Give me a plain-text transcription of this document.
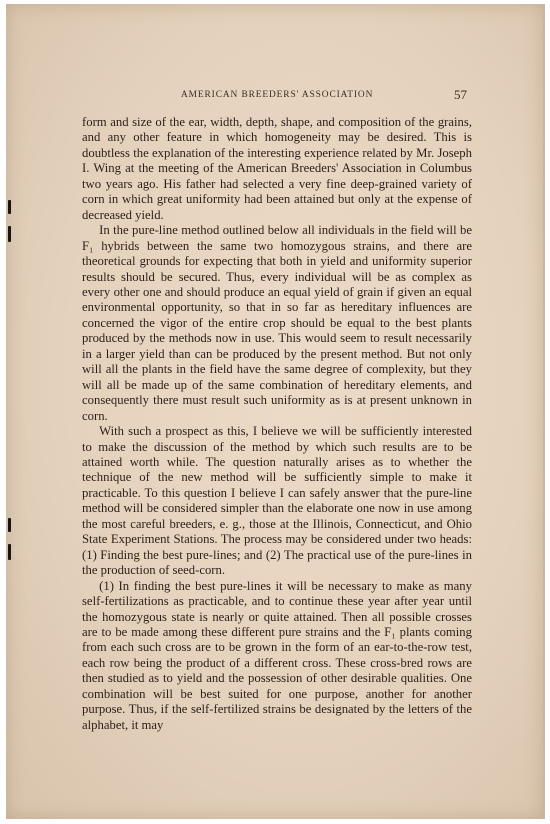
AMERICAN BREEDERS' ASSOCIATION	57

form and size of the ear, width, depth, shape, and composition of the grains, and any other feature in which homogeneity may be desired. This is doubtless the explanation of the interesting experience related by Mr. Joseph I. Wing at the meeting of the American Breeders' Association in Columbus two years ago. His father had selected a very fine deep-grained variety of corn in which great uniformity had been attained but only at the expense of decreased yield.

In the pure-line method outlined below all individuals in the field will be F₁ hybrids between the same two homozygous strains, and there are theoretical grounds for expecting that both in yield and uniformity superior results should be secured. Thus, every individual will be as complex as every other one and should produce an equal yield of grain if given an equal environmental opportunity, so that in so far as hereditary influences are concerned the vigor of the entire crop should be equal to the best plants produced by the methods now in use. This would seem to result necessarily in a larger yield than can be produced by the present method. But not only will all the plants in the field have the same degree of complexity, but they will all be made up of the same combination of hereditary elements, and consequently there must result such uniformity as is at present unknown in corn.

With such a prospect as this, I believe we will be sufficiently interested to make the discussion of the method by which such results are to be attained worth while. The question naturally arises as to whether the technique of the new method will be sufficiently simple to make it practicable. To this question I believe I can safely answer that the pure-line method will be considered simpler than the elaborate one now in use among the most careful breeders, e. g., those at the Illinois, Connecticut, and Ohio State Experiment Stations. The process may be considered under two heads: (1) Finding the best pure-lines; and (2) The practical use of the pure-lines in the production of seed-corn.

(1) In finding the best pure-lines it will be necessary to make as many self-fertilizations as practicable, and to continue these year after year until the homozygous state is nearly or quite attained. Then all possible crosses are to be made among these different pure strains and the F₁ plants coming from each such cross are to be grown in the form of an ear-to-the-row test, each row being the product of a different cross. These cross-bred rows are then studied as to yield and the possession of other desirable qualities. One combination will be best suited for one purpose, another for another purpose. Thus, if the self-fertilized strains be designated by the letters of the alphabet, it may
